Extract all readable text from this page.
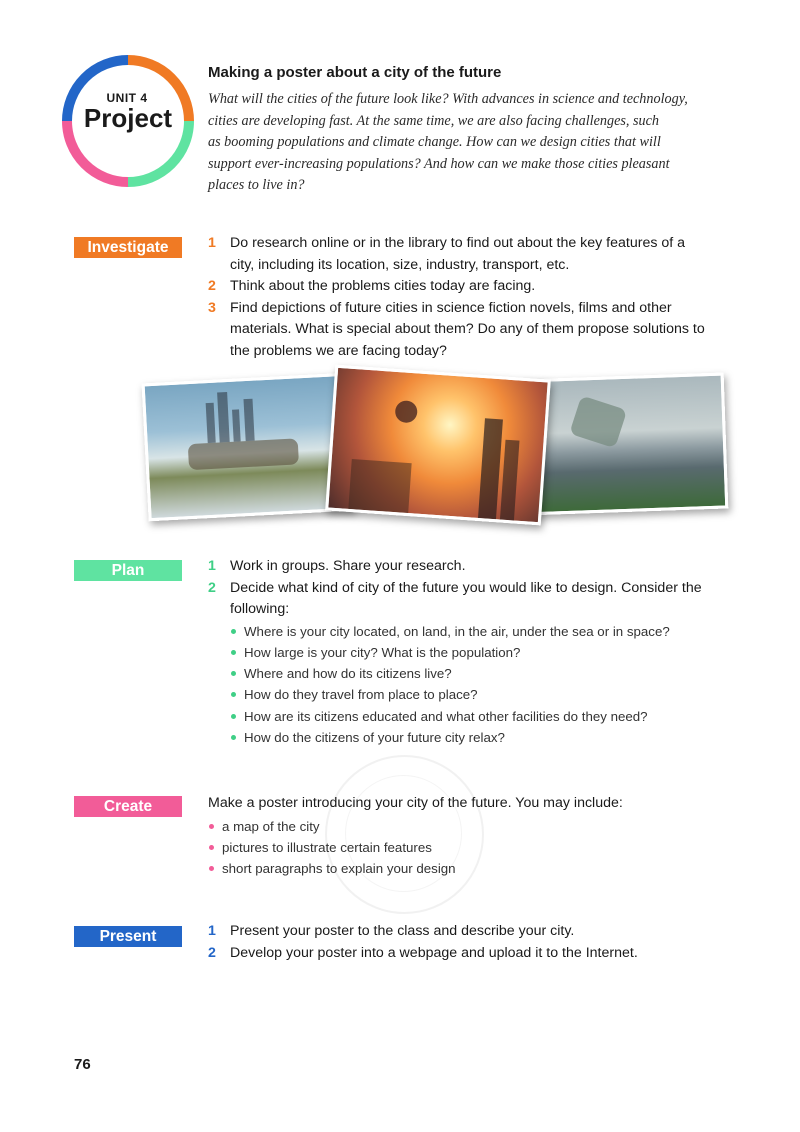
UNIT 4
Project
Making a poster about a city of the future
What will the cities of the future look like? With advances in science and technology,
cities are developing fast. At the same time, we are also facing challenges, such
as booming populations and climate change. How can we design cities that will
support ever-increasing populations? And how can we make those cities pleasant
places to live in?
Investigate	1 Do research online or in the library to find out about the key features of a
city, including its location, size, industry, transport, etc.
2 Think about the problems cities today are facing.
3 Find depictions of future cities in science fiction novels, films and other
materials. What is special about them? Do any of them propose solutions to
the problems we are facing today?
Plan	1 Work in groups. Share your research.
2 Decide what kind of city of the future you would like to design. Consider the
following:
Where is your city located, on land, in the air, under the sea or in space?
How large is your city? What is the population?
Where and how do its citizens live?
How do they travel from place to place?
How are its citizens educated and what other facilities do they need?
How do the citizens of your future city relax?
Create	Make a poster introducing your city of the future. You may include:
a map of the city
pictures to illustrate certain features
short paragraphs to explain your design
Present	1 Present your poster to the class and describe your city.
2 Develop your poster into a webpage and upload it to the Internet.
76
